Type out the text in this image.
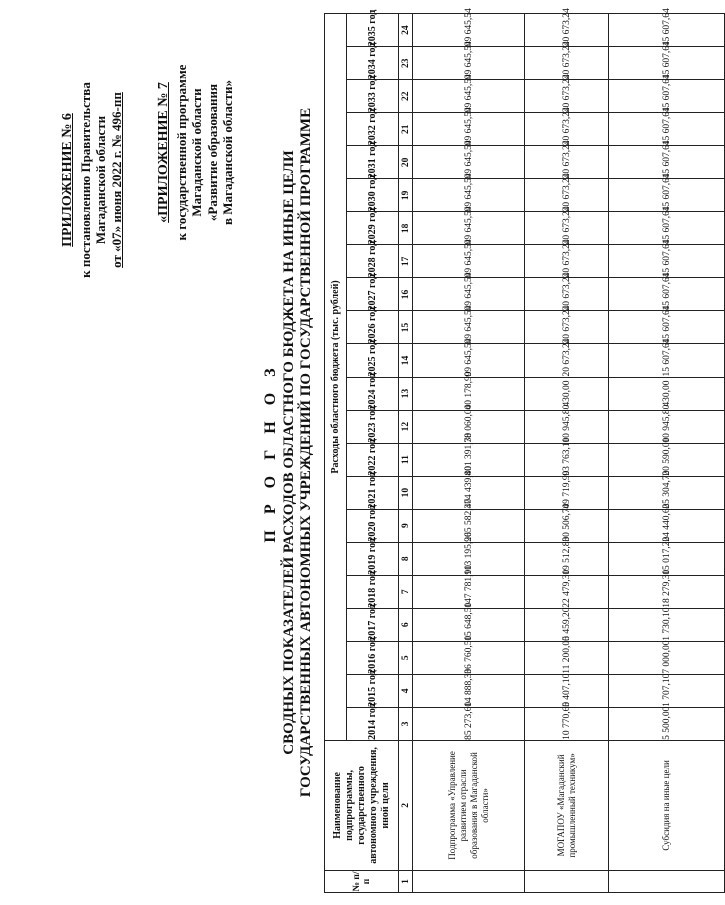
ПРИЛОЖЕНИЕ № 6 к постановлению Правительства Магаданской области от «07» июня 2022 г. № 496-пп «ПРИЛОЖЕНИЕ № 7 к государственной программе Магаданской области «Развитие образования в Магаданской области»
П Р О Г Н О З СВОДНЫХ ПОКАЗАТЕЛЕЙ РАСХОДОВ ОБЛАСТНОГО БЮДЖЕТА НА ИНЫЕ ЦЕЛИ ГОСУДАРСТВЕННЫХ АВТОНОМНЫХ УЧРЕЖДЕНИЙ ПО ГОСУДАРСТВЕННОЙ ПРОГРАММЕ
№ п/п	Наименование подпрограммы, государственного автономного учреждения, иной цели	Расходы областного бюджета (тыс. рублей)																					
		2014 год	2015 год	2016 год	2017 год	2018 год	2019 год	2020 год	2021 год	2022 год	2023 год	2024 год	2025 год	2026 год	2027 год	2028 год	2029 год	2030 год	2031 год	2032 год	2033 год	2034 год	2035 год
1	2	3	4	5	6	7	8	9	10	11	12	13	14	15	16	17	18	19	20	21	22	23	24
	Подпрограмма «Управление развитием отрасли образования в Магаданской области»	85 273,60	14 888,30	36 760,50	15 648,50	147 781,90	113 195,90	265 582,40	374 439,80	401 391,30	78 060,00	40 178,90	99 645,54	99 645,54	99 645,54	99 645,54	99 645,54	99 645,54	99 645,54	99 645,54	99 645,54	99 645,54	99 645,54
	МОГАПОУ «Магаданский промышленный техникум»	10 770,60	5 407,10	11 200,00	5 459,20	22 479,30	19 512,80	30 506,70	49 719,90	93 763,10	10 945,80	430,00	20 673,24	20 673,24	20 673,24	20 673,24	20 673,24	20 673,24	20 673,24	20 673,24	20 673,24	20 673,24	20 673,24
	Субсидия на иные цели	5 500,00	1 707,10	7 000,00	1 730,10	18 279,30	15 017,20	24 440,60	25 304,70	20 590,00	10 945,80	430,00	15 607,64	15 607,64	15 607,64	15 607,64	15 607,64	15 607,64	15 607,64	15 607,64	15 607,64	15 607,64	15 607,64
